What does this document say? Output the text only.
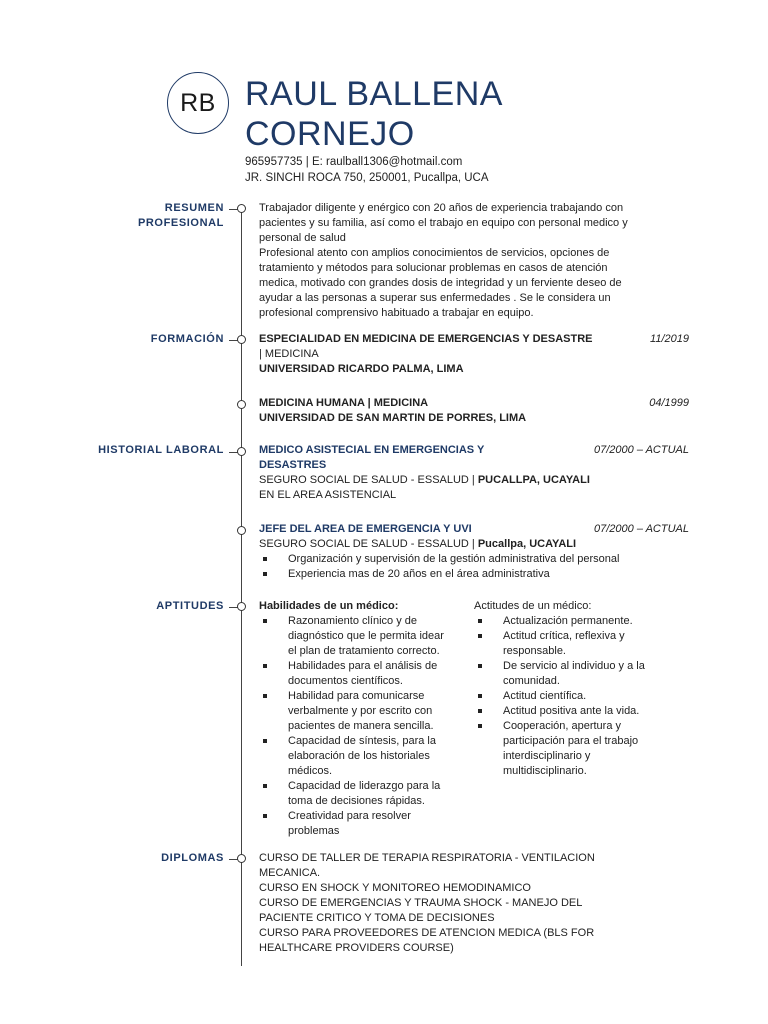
RB RAUL BALLENA
CORNEJO
965957735 | E: raulball1306@hotmail.com
JR. SINCHI ROCA 750, 250001, Pucallpa, UCA
RESUMEN
PROFESIONAL
Trabajador diligente y enérgico con 20 años de experiencia trabajando con
pacientes y su familia, así como el trabajo en equipo con personal medico y
personal de salud
Profesional atento con amplios conocimientos de servicios, opciones de
tratamiento y métodos para solucionar problemas en casos de atención
medica, motivado con grandes dosis de integridad y un ferviente deseo de
ayudar a las personas a superar sus enfermedades . Se le considera un
profesional comprensivo habituado a trabajar en equipo.
FORMACIÓN	ESPECIALIDAD EN MEDICINA DE EMERGENCIAS Y DESASTRE	11/2019
| MEDICINA
UNIVERSIDAD RICARDO PALMA, LIMA
MEDICINA HUMANA | MEDICINA	04/1999
UNIVERSIDAD DE SAN MARTIN DE PORRES, LIMA
HISTORIAL LABORAL	MEDICO ASISTECIAL EN EMERGENCIAS Y	07/2000 – ACTUAL
DESASTRES
SEGURO SOCIAL DE SALUD - ESSALUD | PUCALLPA, UCAYALI
EN EL AREA ASISTENCIAL
JEFE DEL AREA DE EMERGENCIA Y UVI	07/2000 – ACTUAL
SEGURO SOCIAL DE SALUD - ESSALUD | Pucallpa, UCAYALI
Organización y supervisión de la gestión administrativa del personal
Experiencia mas de 20 años en el área administrativa
APTITUDES	Habilidades de un médico:
Razonamiento clínico y de
diagnóstico que le permita idear
el plan de tratamiento correcto.
Habilidades para el análisis de
documentos científicos.
Habilidad para comunicarse
verbalmente y por escrito con
pacientes de manera sencilla.
Capacidad de síntesis, para la
elaboración de los historiales
médicos.
Capacidad de liderazgo para la
toma de decisiones rápidas.
Creatividad para resolver
problemas
Actitudes de un médico:
Actualización permanente.
Actitud crítica, reflexiva y
responsable.
De servicio al individuo y a la
comunidad.
Actitud científica.
Actitud positiva ante la vida.
Cooperación, apertura y
participación para el trabajo
interdisciplinario y
multidisciplinario.
DIPLOMAS	CURSO DE TALLER DE TERAPIA RESPIRATORIA - VENTILACION
MECANICA.
CURSO EN SHOCK Y MONITOREO HEMODINAMICO
CURSO DE EMERGENCIAS Y TRAUMA SHOCK - MANEJO DEL
PACIENTE CRITICO Y TOMA DE DECISIONES
CURSO PARA PROVEEDORES DE ATENCION MEDICA (BLS FOR
HEALTHCARE PROVIDERS COURSE)
